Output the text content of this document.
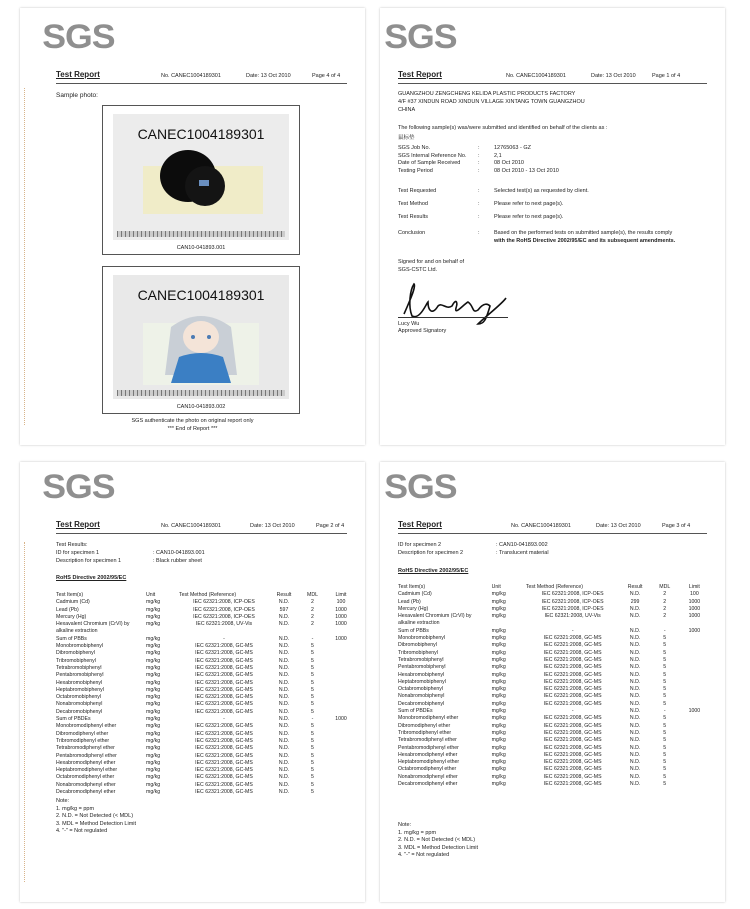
SGS
Test Report	No. CANEC1004189301	Date: 13 Oct 2010	Page 4 of 4
Sample photo:
CANEC1004189301
CAN10-041893.001
CANEC1004189301
CAN10-041893.002
SGS authenticate the photo on original report only
*** End of Report ***
SGS
Test Report	No. CANEC1004189301	Date: 13 Oct 2010	Page 1 of 4
GUANGZHOU ZENGCHENG KELIDA PLASTIC PRODUCTS FACTORY
4/F #37 XINDUN ROAD XINDUN VILLAGE XINTANG TOWN GUANGZHOU
CHINA
The following sample(s) was/were submitted and identified on behalf of the clients as :
鼠标垫
SGS Job No.	:	12765063 - GZ
SGS Internal Reference No. :	2,1
Date of Sample Received	:	08 Oct 2010
Testing Period	:	08 Oct 2010 - 13 Oct 2010
Test Requested	:	Selected test(s) as requested by client.
Test Method	:	Please refer to next page(s).
Test Results	:	Please refer to next page(s).
Conclusion	:	Based on the performed tests on submitted sample(s), the results comply
with the RoHS Directive 2002/95/EC and its subsequent amendments.
Signed for and on behalf of
SGS-CSTC Ltd.
Lucy Wu
Approved Signatory
SGS
Test Report	No. CANEC1004189301	Date: 13 Oct 2010	Page 2 of 4
Test Results:
ID for specimen 1	: CAN10-041893.001
Description for specimen 1	: Black rubber sheet
RoHS Directive 2002/95/EC
Test Item(s)	Unit	Test Method (Reference)	Result	MDL	Limit
Cadmium (Cd)	mg/kg	IEC 62321:2008, ICP-OES	N.D.	2	100
Lead (Pb)	mg/kg	IEC 62321:2008, ICP-OES	597	2	1000
Mercury (Hg)	mg/kg	IEC 62321:2008, ICP-OES	N.D.	2	1000
Hexavalent Chromium (CrVI) by	mg/kg	IEC 62321:2008, UV-Vis	N.D.	2	1000
alkaline extraction					
Sum of PBBs	mg/kg	-	N.D.	-	1000
Monobromobiphenyl	mg/kg	IEC 62321:2008, GC-MS	N.D.	5	
Dibromobiphenyl	mg/kg	IEC 62321:2008, GC-MS	N.D.	5	
Tribromobiphenyl	mg/kg	IEC 62321:2008, GC-MS	N.D.	5	
Tetrabromobiphenyl	mg/kg	IEC 62321:2008, GC-MS	N.D.	5	
Pentabromobiphenyl	mg/kg	IEC 62321:2008, GC-MS	N.D.	5	
Hexabromobiphenyl	mg/kg	IEC 62321:2008, GC-MS	N.D.	5	
Heptabromobiphenyl	mg/kg	IEC 62321:2008, GC-MS	N.D.	5	
Octabromobiphenyl	mg/kg	IEC 62321:2008, GC-MS	N.D.	5	
Nonabromobiphenyl	mg/kg	IEC 62321:2008, GC-MS	N.D.	5	
Decabromobiphenyl	mg/kg	IEC 62321:2008, GC-MS	N.D.	5	
Sum of PBDEs	mg/kg	-	N.D.	-	1000
Monobromodiphenyl ether	mg/kg	IEC 62321:2008, GC-MS	N.D.	5	
Dibromodiphenyl ether	mg/kg	IEC 62321:2008, GC-MS	N.D.	5	
Tribromodiphenyl ether	mg/kg	IEC 62321:2008, GC-MS	N.D.	5	
Tetrabromodiphenyl ether	mg/kg	IEC 62321:2008, GC-MS	N.D.	5	
Pentabromodiphenyl ether	mg/kg	IEC 62321:2008, GC-MS	N.D.	5	
Hexabromodiphenyl ether	mg/kg	IEC 62321:2008, GC-MS	N.D.	5	
Heptabromodiphenyl ether	mg/kg	IEC 62321:2008, GC-MS	N.D.	5	
Octabromodiphenyl ether	mg/kg	IEC 62321:2008, GC-MS	N.D.	5	
Nonabromodiphenyl ether	mg/kg	IEC 62321:2008, GC-MS	N.D.	5	
Decabromodiphenyl ether	mg/kg	IEC 62321:2008, GC-MS	N.D.	5	
Note:
1. mg/kg = ppm
2. N.D. = Not Detected (< MDL)
3. MDL = Method Detection Limit
4. "-" = Not regulated
SGS
Test Report	No. CANEC1004189301	Date: 13 Oct 2010	Page 3 of 4
ID for specimen 2	: CAN10-041893.002
Description for specimen 2	: Translucent material
RoHS Directive 2002/95/EC
Test Item(s)	Unit	Test Method (Reference)	Result	MDL	Limit
Cadmium (Cd)	mg/kg	IEC 62321:2008, ICP-OES	N.D.	2	100
Lead (Pb)	mg/kg	IEC 62321:2008, ICP-OES	299	2	1000
Mercury (Hg)	mg/kg	IEC 62321:2008, ICP-OES	N.D.	2	1000
Hexavalent Chromium (CrVI) by	mg/kg	IEC 62321:2008, UV-Vis	N.D.	2	1000
alkaline extraction					
Sum of PBBs	mg/kg	-	N.D.	-	1000
Monobromobiphenyl	mg/kg	IEC 62321:2008, GC-MS	N.D.	5	
Dibromobiphenyl	mg/kg	IEC 62321:2008, GC-MS	N.D.	5	
Tribromobiphenyl	mg/kg	IEC 62321:2008, GC-MS	N.D.	5	
Tetrabromobiphenyl	mg/kg	IEC 62321:2008, GC-MS	N.D.	5	
Pentabromobiphenyl	mg/kg	IEC 62321:2008, GC-MS	N.D.	5	
Hexabromobiphenyl	mg/kg	IEC 62321:2008, GC-MS	N.D.	5	
Heptabromobiphenyl	mg/kg	IEC 62321:2008, GC-MS	N.D.	5	
Octabromobiphenyl	mg/kg	IEC 62321:2008, GC-MS	N.D.	5	
Nonabromobiphenyl	mg/kg	IEC 62321:2008, GC-MS	N.D.	5	
Decabromobiphenyl	mg/kg	IEC 62321:2008, GC-MS	N.D.	5	
Sum of PBDEs	mg/kg	-	N.D.	-	1000
Monobromodiphenyl ether	mg/kg	IEC 62321:2008, GC-MS	N.D.	5	
Dibromodiphenyl ether	mg/kg	IEC 62321:2008, GC-MS	N.D.	5	
Tribromodiphenyl ether	mg/kg	IEC 62321:2008, GC-MS	N.D.	5	
Tetrabromodiphenyl ether	mg/kg	IEC 62321:2008, GC-MS	N.D.	5	
Pentabromodiphenyl ether	mg/kg	IEC 62321:2008, GC-MS	N.D.	5	
Hexabromodiphenyl ether	mg/kg	IEC 62321:2008, GC-MS	N.D.	5	
Heptabromodiphenyl ether	mg/kg	IEC 62321:2008, GC-MS	N.D.	5	
Octabromodiphenyl ether	mg/kg	IEC 62321:2008, GC-MS	N.D.	5	
Nonabromodiphenyl ether	mg/kg	IEC 62321:2008, GC-MS	N.D.	5	
Decabromodiphenyl ether	mg/kg	IEC 62321:2008, GC-MS	N.D.	5	
Note:
1. mg/kg = ppm
2. N.D. = Not Detected (< MDL)
3. MDL = Method Detection Limit
4. "-" = Not regulated
